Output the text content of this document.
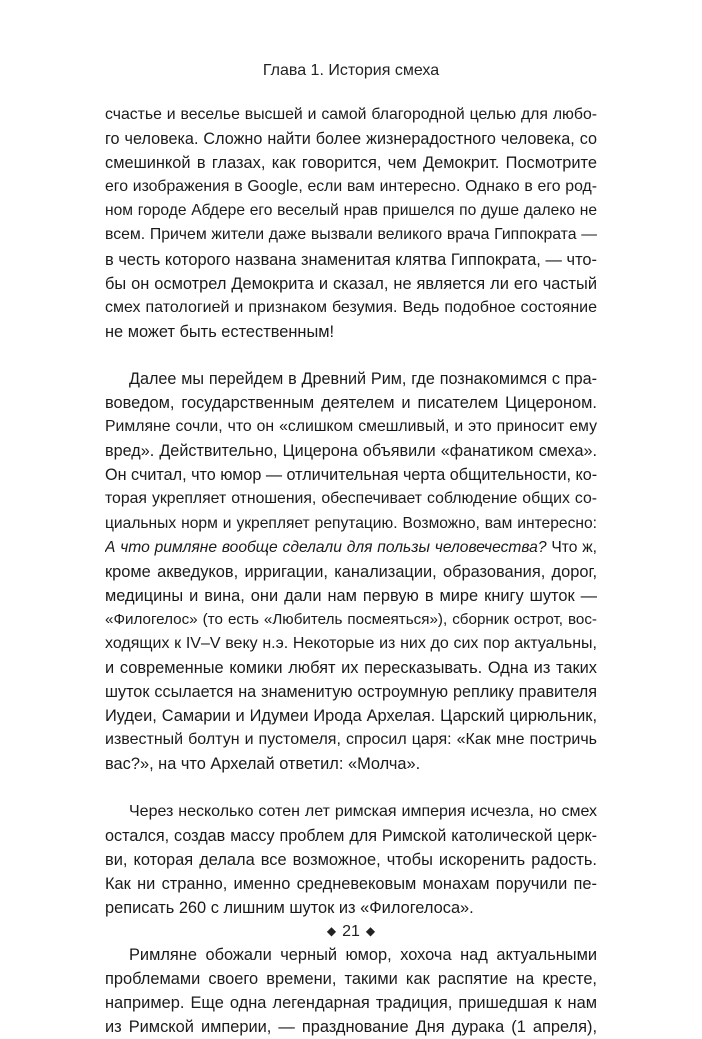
Глава 1. История смеха
счастье и веселье высшей и самой благородной целью для любо-
го человека. Сложно найти более жизнерадостного человека, со
смешинкой в глазах, как говорится, чем Демокрит. Посмотрите
его изображения в Google, если вам интересно. Однако в его род-
ном городе Абдере его веселый нрав пришелся по душе далеко не
всем. Причем жители даже вызвали великого врача Гиппократа —
в честь которого названа знаменитая клятва Гиппократа, — что-
бы он осмотрел Демокрита и сказал, не является ли его частый
смех патологией и признаком безумия. Ведь подобное состояние
не может быть естественным!
Далее мы перейдем в Древний Рим, где познакомимся с пра-
воведом, государственным деятелем и писателем Цицероном.
Римляне сочли, что он «слишком смешливый, и это приносит ему
вред». Действительно, Цицерона объявили «фанатиком смеха».
Он считал, что юмор — отличительная черта общительности, ко-
торая укрепляет отношения, обеспечивает соблюдение общих со-
циальных норм и укрепляет репутацию. Возможно, вам интересно:
А что римляне вообще сделали для пользы человечества? Что ж,
кроме акведуков, ирригации, канализации, образования, дорог,
медицины и вина, они дали нам первую в мире книгу шуток —
«Филогелос» (то есть «Любитель посмеяться»), сборник острот, вос-
ходящих к IV–V веку н.э. Некоторые из них до сих пор актуальны,
и современные комики любят их пересказывать. Одна из таких
шуток ссылается на знаменитую остроумную реплику правителя
Иудеи, Самарии и Идумеи Ирода Архелая. Царский цирюльник,
известный болтун и пустомеля, спросил царя: «Как мне постричь
вас?», на что Архелай ответил: «Молча».
Через несколько сотен лет римская империя исчезла, но смех
остался, создав массу проблем для Римской католической церк-
ви, которая делала все возможное, чтобы искоренить радость.
Как ни странно, именно средневековым монахам поручили пе-
реписать 260 с лишним шуток из «Филогелоса».
Римляне обожали черный юмор, хохоча над актуальными
проблемами своего времени, такими как распятие на кресте,
например. Еще одна легендарная традиция, пришедшая к нам
из Римской империи, — празднование Дня дурака (1 апреля),
◆ 21 ◆
